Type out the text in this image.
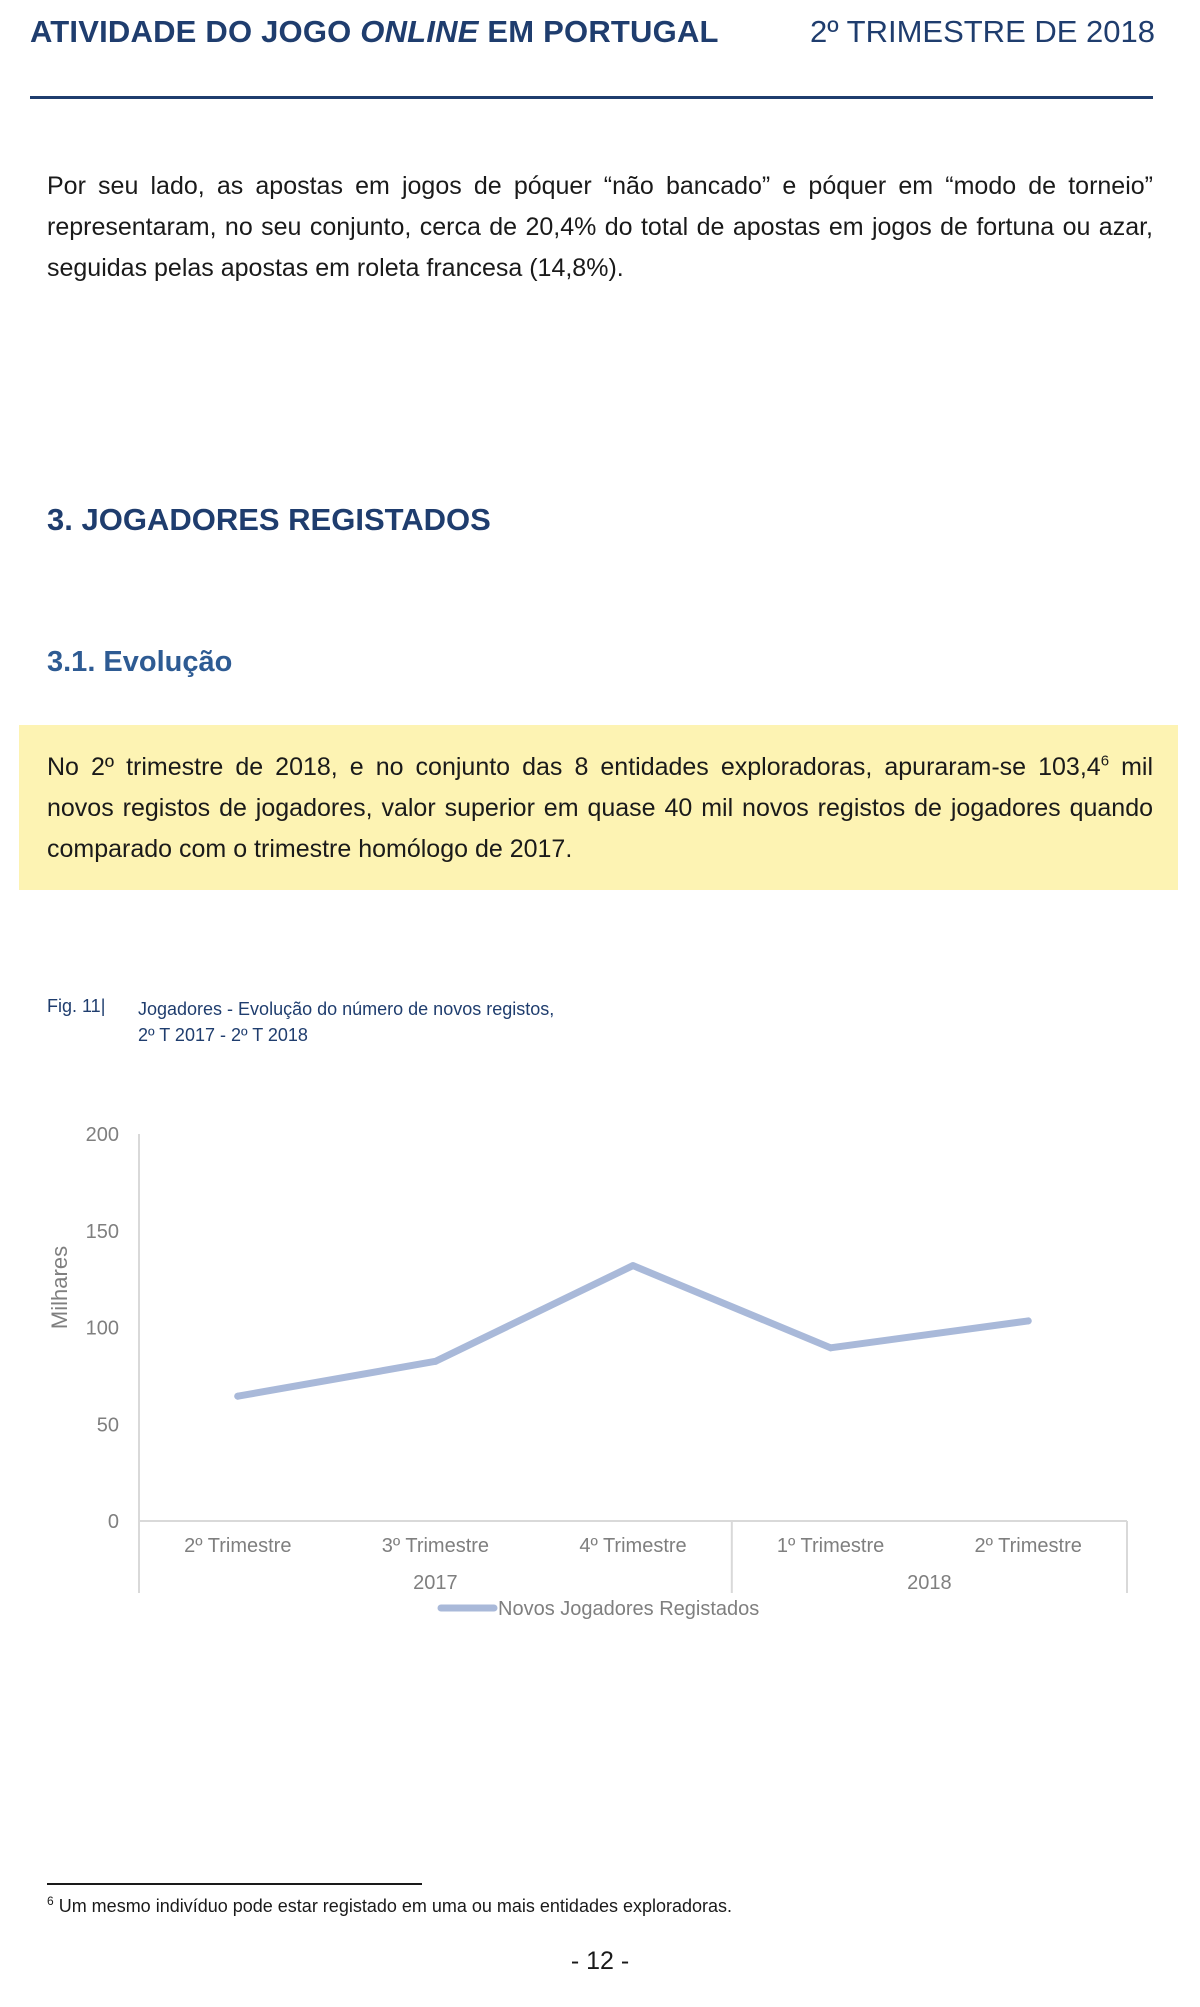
ATIVIDADE DO JOGO ONLINE EM PORTUGAL	2º TRIMESTRE DE 2018
Por seu lado, as apostas em jogos de póquer “não bancado” e póquer em “modo de torneio” representaram, no seu conjunto, cerca de 20,4% do total de apostas em jogos de fortuna ou azar, seguidas pelas apostas em roleta francesa (14,8%).
3. JOGADORES REGISTADOS
3.1. Evolução
No 2º trimestre de 2018, e no conjunto das 8 entidades exploradoras, apuraram-se 103,4$^6$ mil novos registos de jogadores, valor superior em quase 40 mil novos registos de jogadores quando comparado com o trimestre homólogo de 2017.
Fig. 11| Jogadores - Evolução do número de novos registos,
2º T 2017 - 2º T 2018
0
50
100
150
200
Milhares
2º Trimestre	3º Trimestre	4º Trimestre	1º Trimestre	2º Trimestre
2017	2018
Novos Jogadores Registados
$^6$ Um mesmo indivíduo pode estar registado em uma ou mais entidades exploradoras.
- 12 -
